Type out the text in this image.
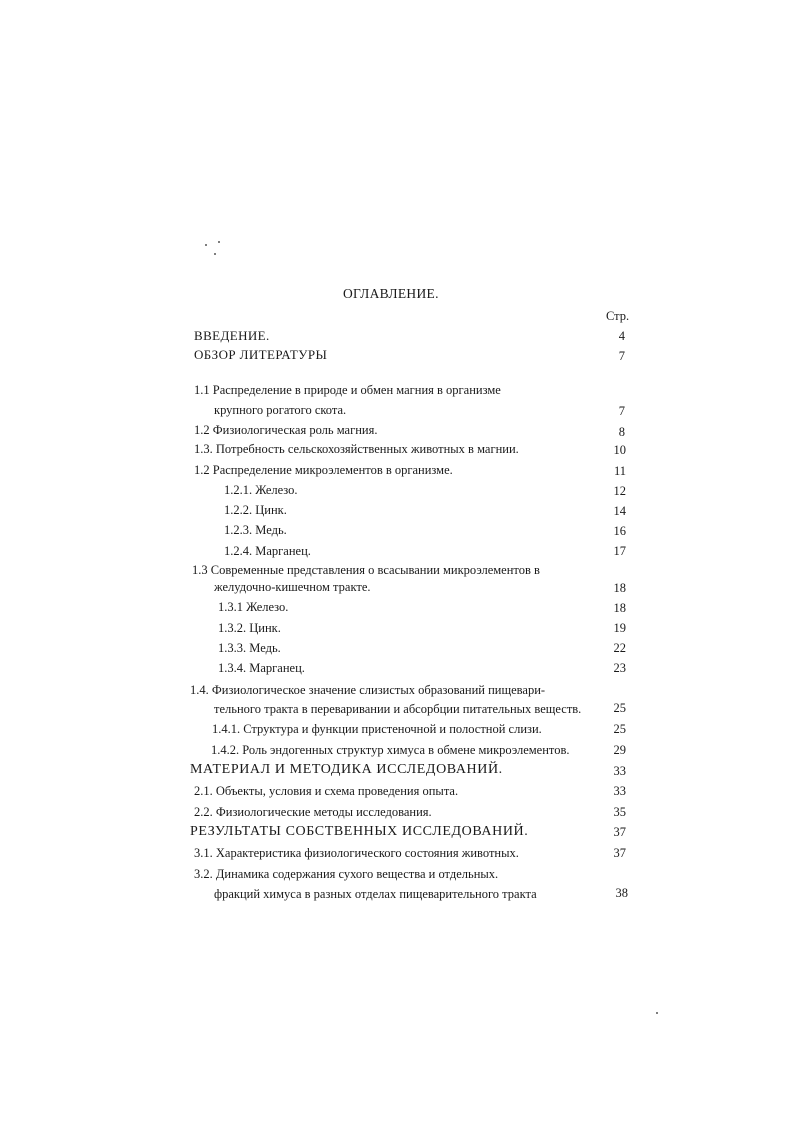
ОГЛАВЛЕНИЕ.
Стр.
ВВЕДЕНИЕ.	4
ОБЗОР ЛИТЕРАТУРЫ	7
1.1 Распределение в природе и обмен магния в организме
крупного рогатого скота.	7
1.2 Физиологическая роль магния.	8
1.3. Потребность сельскохозяйственных животных в магнии.	10
1.2 Распределение микроэлементов в организме.	11
1.2.1. Железо.	12
1.2.2. Цинк.	14
1.2.3. Медь.	16
1.2.4. Марганец.	17
1.3 Современные представления о всасывании микроэлементов в
желудочно-кишечном тракте.	18
1.3.1 Железо.	18
1.3.2. Цинк.	19
1.3.3. Медь.	22
1.3.4. Марганец.	23
1.4. Физиологическое значение слизистых образований пищевари-
тельного тракта в переваривании и абсорбции питательных веществ.	25
1.4.1. Структура и функции пристеночной и полостной слизи.	25
1.4.2. Роль эндогенных структур химуса в обмене микроэлементов.	29
МАТЕРИАЛ И МЕТОДИКА ИССЛЕДОВАНИЙ.	33
2.1. Объекты, условия и схема проведения опыта.	33
2.2. Физиологические методы исследования.	35
РЕЗУЛЬТАТЫ СОБСТВЕННЫХ ИССЛЕДОВАНИЙ.	37
3.1. Характеристика физиологического состояния животных.	37
3.2. Динамика содержания сухого вещества и отдельных.
фракций химуса в разных отделах пищеварительного тракта	38
